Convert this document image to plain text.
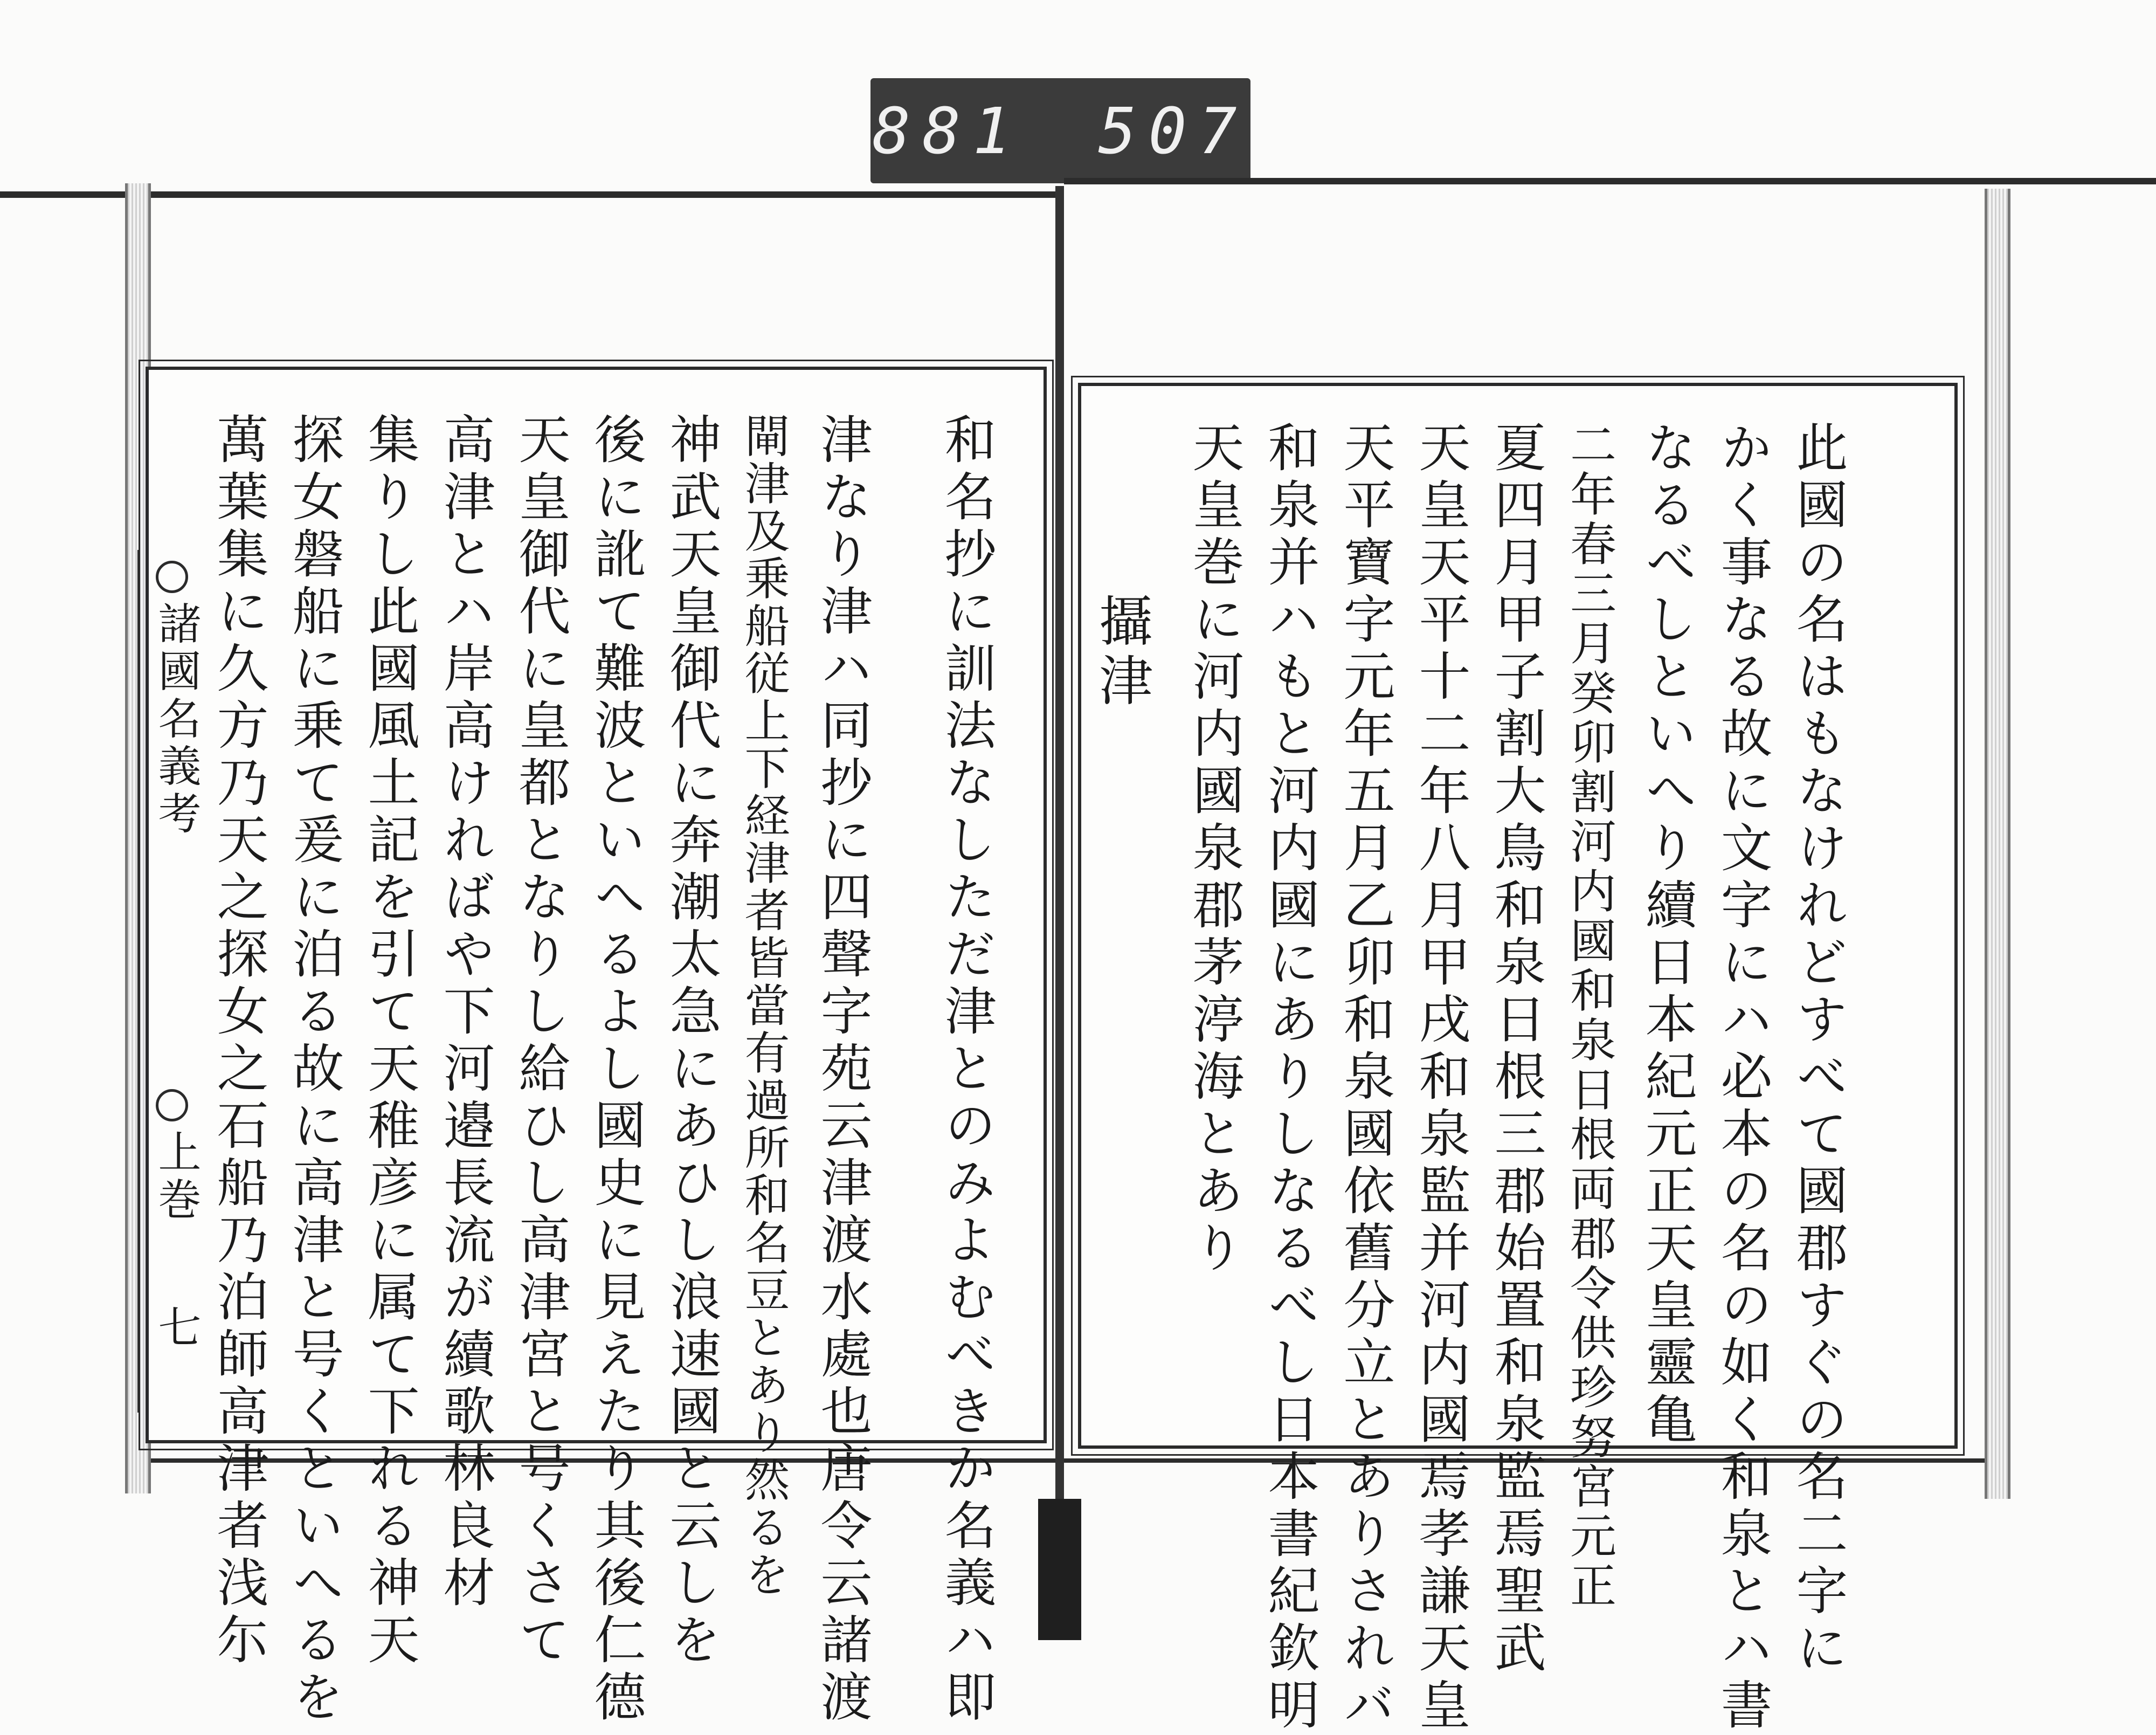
881 507
諸國名義考
上巻
七 萬葉集に久方乃天之探女之石船乃泊師高津者浅尓 探女磐船に乗て爰に泊る故に高津と号くといへるを 集りし此國風土記を引て天稚彦に属て下れる神天 高津とハ岸高ければや下河邉長流が續歌林良材 天皇御代に皇都となりし給ひし高津宮と号くさて 後に訛て難波といへるよし國史に見えたり其後仁德 神武天皇御代に奔潮太急にあひし浪速國と云しを 閘津及乗船従上下経津者皆當有過所和名豆とあり然るを 津なり津ハ同抄に四聲字苑云津渡水處也唐令云諸渡 和名抄に訓法なしただ津とのみよむべきか名義ハ即 攝津 天皇巻に河内國泉郡茅渟海とあり 和泉并ハもと河内國にありしなるべし日本書紀欽明 天平寶字元年五月乙卯和泉國依舊分立とありされバ 天皇天平十二年八月甲戌和泉監并河内國焉孝謙天皇 夏四月甲子割大鳥和泉日根三郡始置和泉監焉聖武 二年春三月癸卯割河内國和泉日根両郡令供珍努宮元正 なるべしといへり續日本紀元正天皇靈亀 かく事なる故に文字にハ必本の名の如く和泉とハ書 此國の名はもなけれどすべて國郡すぐの名二字に
